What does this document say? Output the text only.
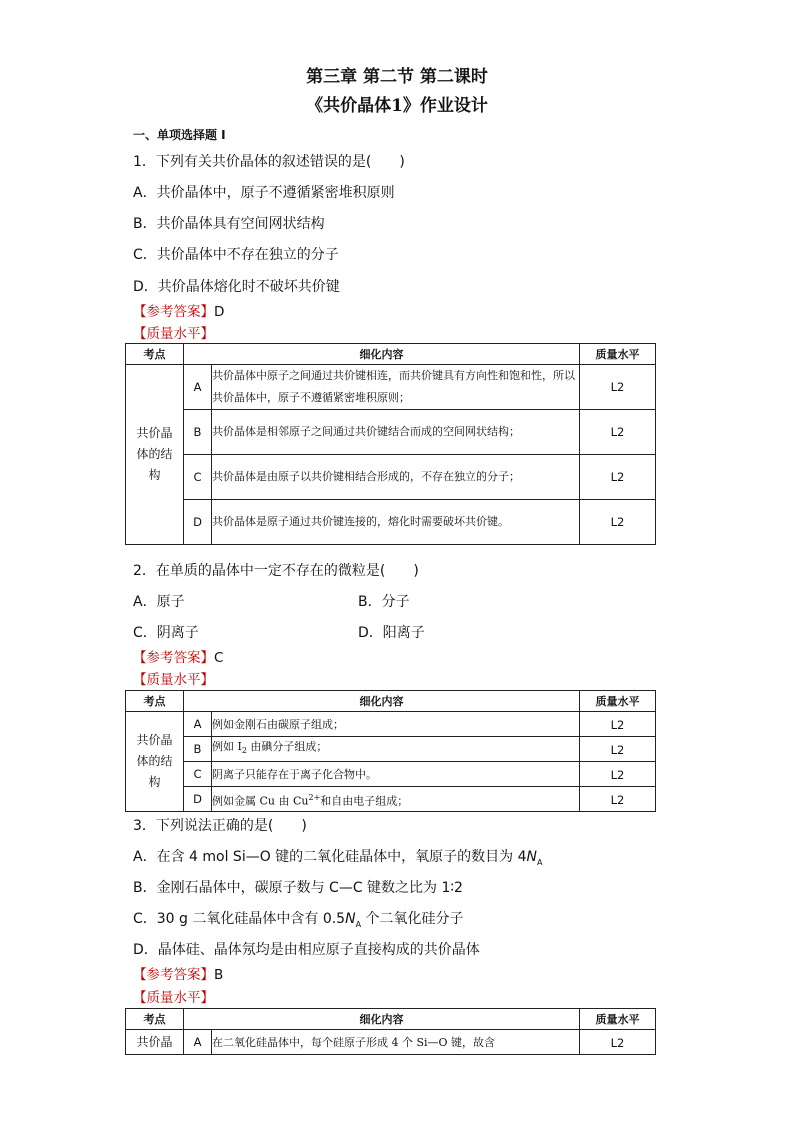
第三章 第二节 第二课时
《共价晶体1》作业设计
一、单项选择题 I
1．下列有关共价晶体的叙述错误的是(　　)
A．共价晶体中，原子不遵循紧密堆积原则
B．共价晶体具有空间网状结构
C．共价晶体中不存在独立的分子
D．共价晶体熔化时不破坏共价键
【参考答案】D
【质量水平】
考点	细化内容		质量水平

共价晶体的结构	A	共价晶体中原子之间通过共价键相连，而共价键具有方向性和饱和性，所以共价晶体中，原子不遵循紧密堆积原则；	L2
	B	共价晶体是相邻原子之间通过共价键结合而成的空间网状结构；	L2
	C	共价晶体是由原子以共价键相结合形成的，不存在独立的分子；	L2
	D	共价晶体是原子通过共价键连接的，熔化时需要破坏共价键。	L2
2．在单质的晶体中一定不存在的微粒是(　　)
A．原子	B．分子
C．阴离子	D．阳离子
【参考答案】C
【质量水平】
考点	细化内容		质量水平

共价晶体的结构	A	例如金刚石由碳原子组成；	L2
	B	例如 $I_2$ 由碘分子组成；	L2
	C	阴离子只能存在于离子化合物中。	L2
	D	例如金属 Cu 由 $Cu^{2+}$和自由电子组成；	L2
3．下列说法正确的是(　　)
A．在含 4 mol Si—O 键的二氧化硅晶体中，氧原子的数目为 $4N_A$
B．金刚石晶体中，碳原子数与 C—C 键数之比为 1∶2
C．30 g 二氧化硅晶体中含有 $0.5N_A$ 个二氧化硅分子
D．晶体硅、晶体氖均是由相应原子直接构成的共价晶体
【参考答案】B
【质量水平】
考点	细化内容		质量水平
共价晶	A	在二氧化硅晶体中，每个硅原子形成 4 个 Si—O 键，故含	L2
